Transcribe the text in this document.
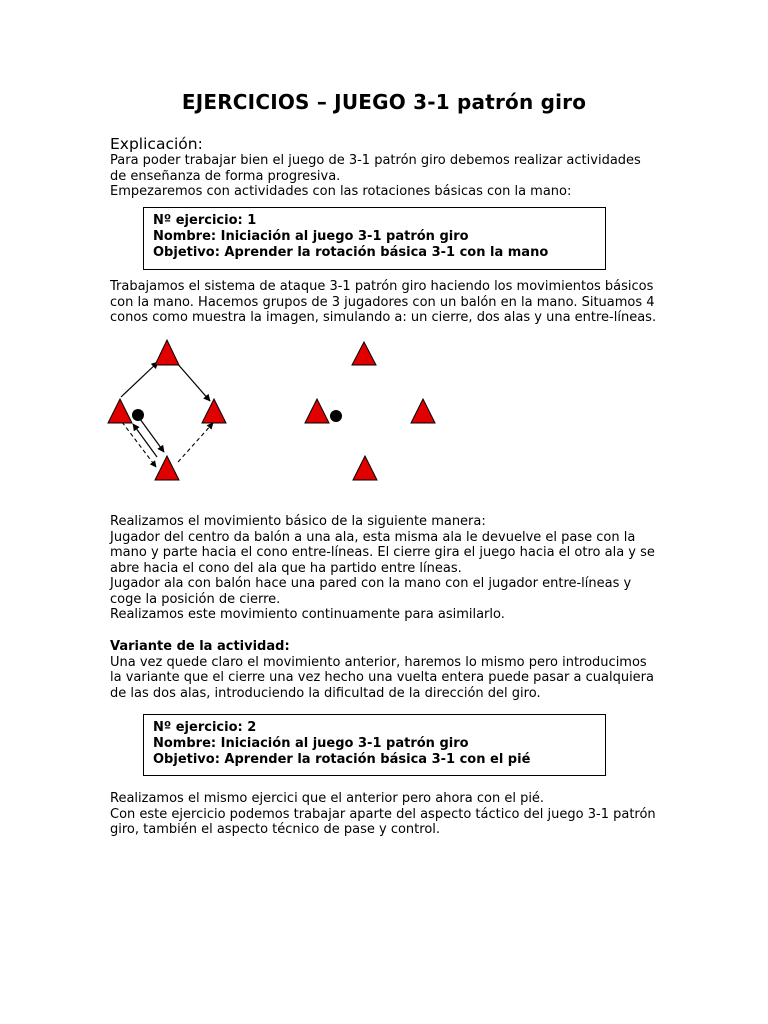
EJERCICIOS – JUEGO 3-1 patrón giro

Explicación:

Para poder trabajar bien el juego de 3-1 patrón giro debemos realizar actividades
de enseñanza de forma progresiva.
Empezaremos con actividades con las rotaciones básicas con la mano:
Nº ejercicio: 1
Nombre: Iniciación al juego 3-1 patrón giro
Objetivo: Aprender la rotación básica 3-1 con la mano
Trabajamos el sistema de ataque 3-1 patrón giro haciendo los movimientos básicos
con la mano. Hacemos grupos de 3 jugadores con un balón en la mano. Situamos 4
conos como muestra la imagen, simulando a: un cierre, dos alas y una entre-líneas.
Realizamos el movimiento básico de la siguiente manera:
Jugador del centro da balón a una ala, esta misma ala le devuelve el pase con la
mano y parte hacia el cono entre-líneas. El cierre gira el juego hacia el otro ala y se
abre hacia el cono del ala que ha partido entre líneas.
Jugador ala con balón hace una pared con la mano con el jugador entre-líneas y
coge la posición de cierre.
Realizamos este movimiento continuamente para asimilarlo.
Variante de la actividad:
Una vez quede claro el movimiento anterior, haremos lo mismo pero introducimos
la variante que el cierre una vez hecho una vuelta entera puede pasar a cualquiera
de las dos alas, introduciendo la dificultad de la dirección del giro.
Nº ejercicio: 2
Nombre: Iniciación al juego 3-1 patrón giro
Objetivo: Aprender la rotación básica 3-1 con el pié
Realizamos el mismo ejercici que el anterior pero ahora con el pié.
Con este ejercicio podemos trabajar aparte del aspecto táctico del juego 3-1 patrón
giro, también el aspecto técnico de pase y control.
